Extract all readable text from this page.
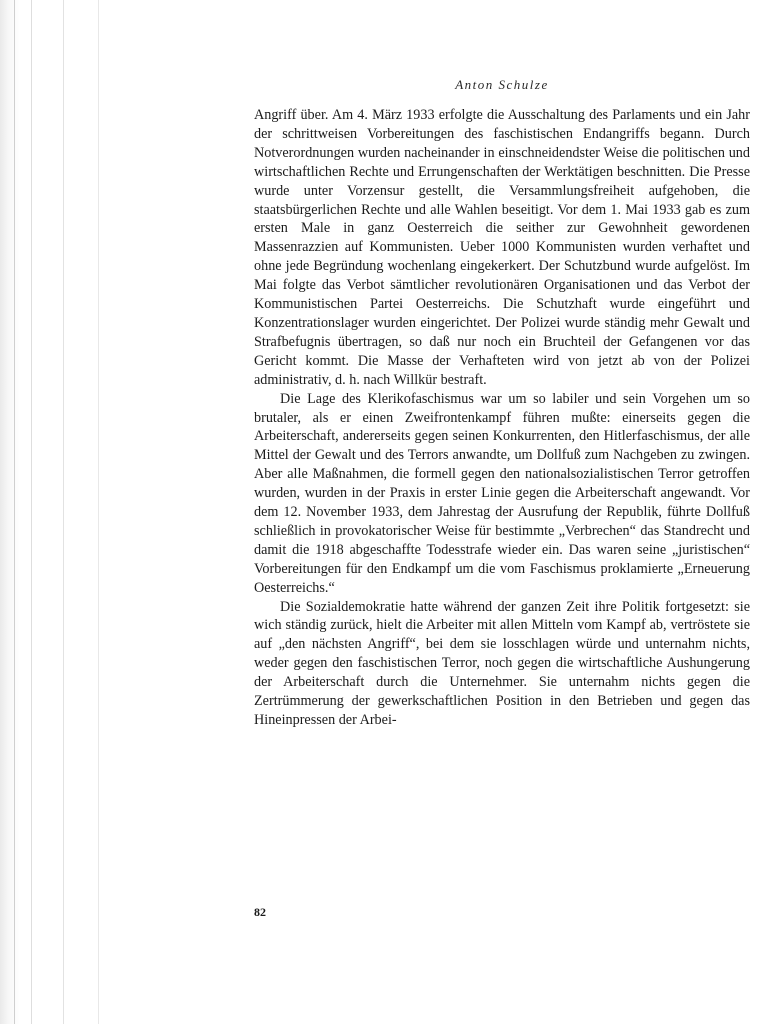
Anton Schulze

Angriff über. Am 4. März 1933 erfolgte die Ausschaltung des Parlaments und ein Jahr der schrittweisen Vorbereitungen des faschistischen Endangriffs begann. Durch Notverordnungen wurden nacheinander in einschneidendster Weise die politischen und wirtschaftlichen Rechte und Errungenschaften der Werktätigen beschnitten. Die Presse wurde unter Vorzensur gestellt, die Versammlungsfreiheit aufgehoben, die staatsbürgerlichen Rechte und alle Wahlen beseitigt. Vor dem 1. Mai 1933 gab es zum ersten Male in ganz Oesterreich die seither zur Gewohnheit gewordenen Massenrazzien auf Kommunisten. Ueber 1000 Kommunisten wurden verhaftet und ohne jede Begründung wochenlang eingekerkert. Der Schutzbund wurde aufgelöst. Im Mai folgte das Verbot sämtlicher revolutionären Organisationen und das Verbot der Kommunistischen Partei Oesterreichs. Die Schutzhaft wurde eingeführt und Konzentrationslager wurden eingerichtet. Der Polizei wurde ständig mehr Gewalt und Strafbefugnis übertragen, so daß nur noch ein Bruchteil der Gefangenen vor das Gericht kommt. Die Masse der Verhafteten wird von jetzt ab von der Polizei administrativ, d. h. nach Willkür bestraft.

Die Lage des Klerikofaschismus war um so labiler und sein Vorgehen um so brutaler, als er einen Zweifrontenkampf führen mußte: einerseits gegen die Arbeiterschaft, andererseits gegen seinen Konkurrenten, den Hitlerfaschismus, der alle Mittel der Gewalt und des Terrors anwandte, um Dollfuß zum Nachgeben zu zwingen. Aber alle Maßnahmen, die formell gegen den nationalsozialistischen Terror getroffen wurden, wurden in der Praxis in erster Linie gegen die Arbeiterschaft angewandt. Vor dem 12. November 1933, dem Jahrestag der Ausrufung der Republik, führte Dollfuß schließlich in provokatorischer Weise für bestimmte „Verbrechen“ das Standrecht und damit die 1918 abgeschaffte Todesstrafe wieder ein. Das waren seine „juristischen“ Vorbereitungen für den Endkampf um die vom Faschismus proklamierte „Erneuerung Oesterreichs.“

Die Sozialdemokratie hatte während der ganzen Zeit ihre Politik fortgesetzt: sie wich ständig zurück, hielt die Arbeiter mit allen Mitteln vom Kampf ab, vertröstete sie auf „den nächsten Angriff“, bei dem sie losschlagen würde und unternahm nichts, weder gegen den faschistischen Terror, noch gegen die wirtschaftliche Aushungerung der Arbeiterschaft durch die Unternehmer. Sie unternahm nichts gegen die Zertrümmerung der gewerkschaftlichen Position in den Betrieben und gegen das Hineinpressen der Arbei-

82
